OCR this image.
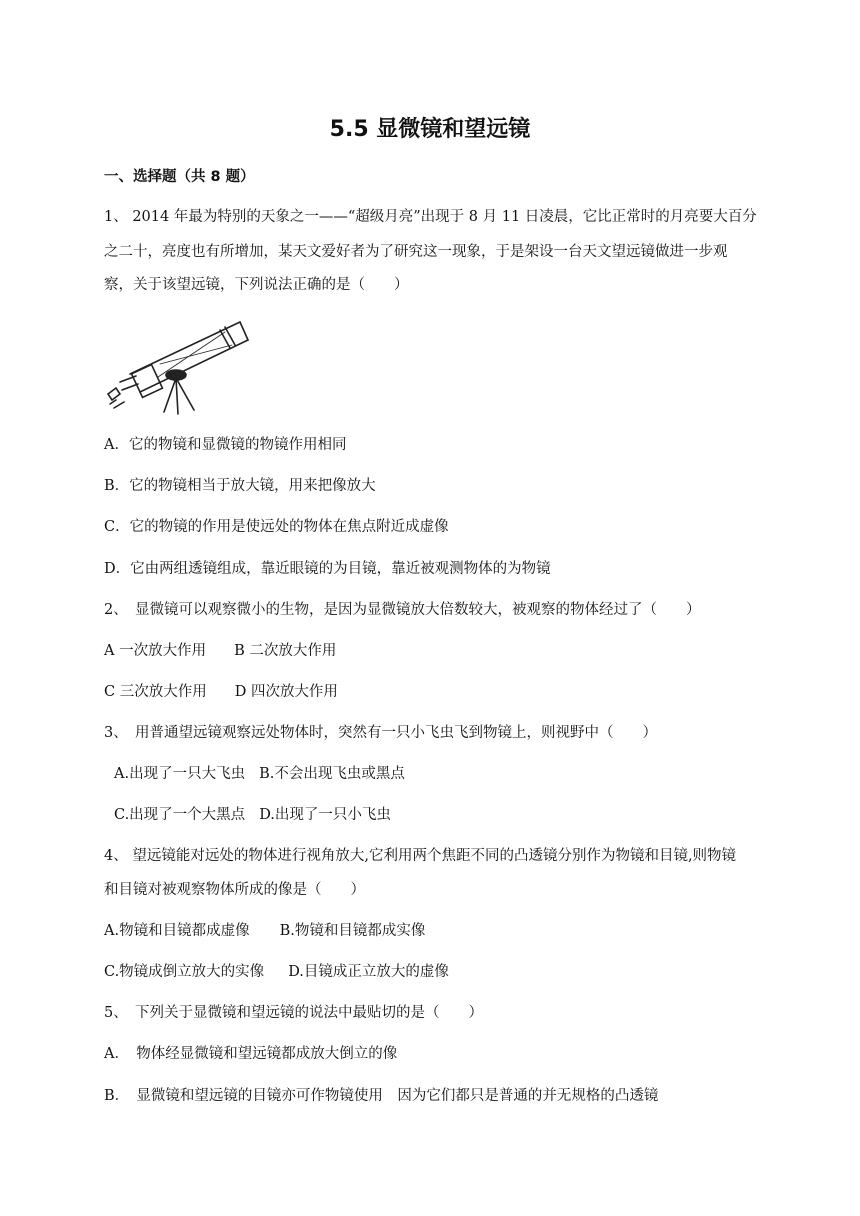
5.5 显微镜和望远镜
一、选择题（共 8 题）
1、 2014 年最为特别的天象之一——“超级月亮”出现于 8 月 11 日凌晨，它比正常时的月亮要大百分
之二十，亮度也有所增加，某天文爱好者为了研究这一现象，于是架设一台天文望远镜做进一步观
察，关于该望远镜，下列说法正确的是（　　）
A．它的物镜和显微镜的物镜作用相同
B．它的物镜相当于放大镜，用来把像放大
C．它的物镜的作用是使远处的物体在焦点附近成虚像
D．它由两组透镜组成，靠近眼镜的为目镜，靠近被观测物体的为物镜
2、　显微镜可以观察微小的生物，是因为显微镜放大倍数较大，被观察的物体经过了（　　）
A 一次放大作用 B 二次放大作用
C 三次放大作用 D 四次放大作用
3、　用普通望远镜观察远处物体时，突然有一只小飞虫飞到物镜上，则视野中（　　）
A.出现了一只大飞虫 B.不会出现飞虫或黑点
C.出现了一个大黑点 D.出现了一只小飞虫
4、 望远镜能对远处的物体进行视角放大,它利用两个焦距不同的凸透镜分别作为物镜和目镜,则物镜
和目镜对被观察物体所成的像是（　　）
A.物镜和目镜都成虚像 B.物镜和目镜都成实像
C.物镜成倒立放大的实像 D.目镜成正立放大的虚像
5、　下列关于显微镜和望远镜的说法中最贴切的是（　　）
A．　物体经显微镜和望远镜都成放大倒立的像
B．　显微镜和望远镜的目镜亦可作物镜使用　因为它们都只是普通的并无规格的凸透镜
